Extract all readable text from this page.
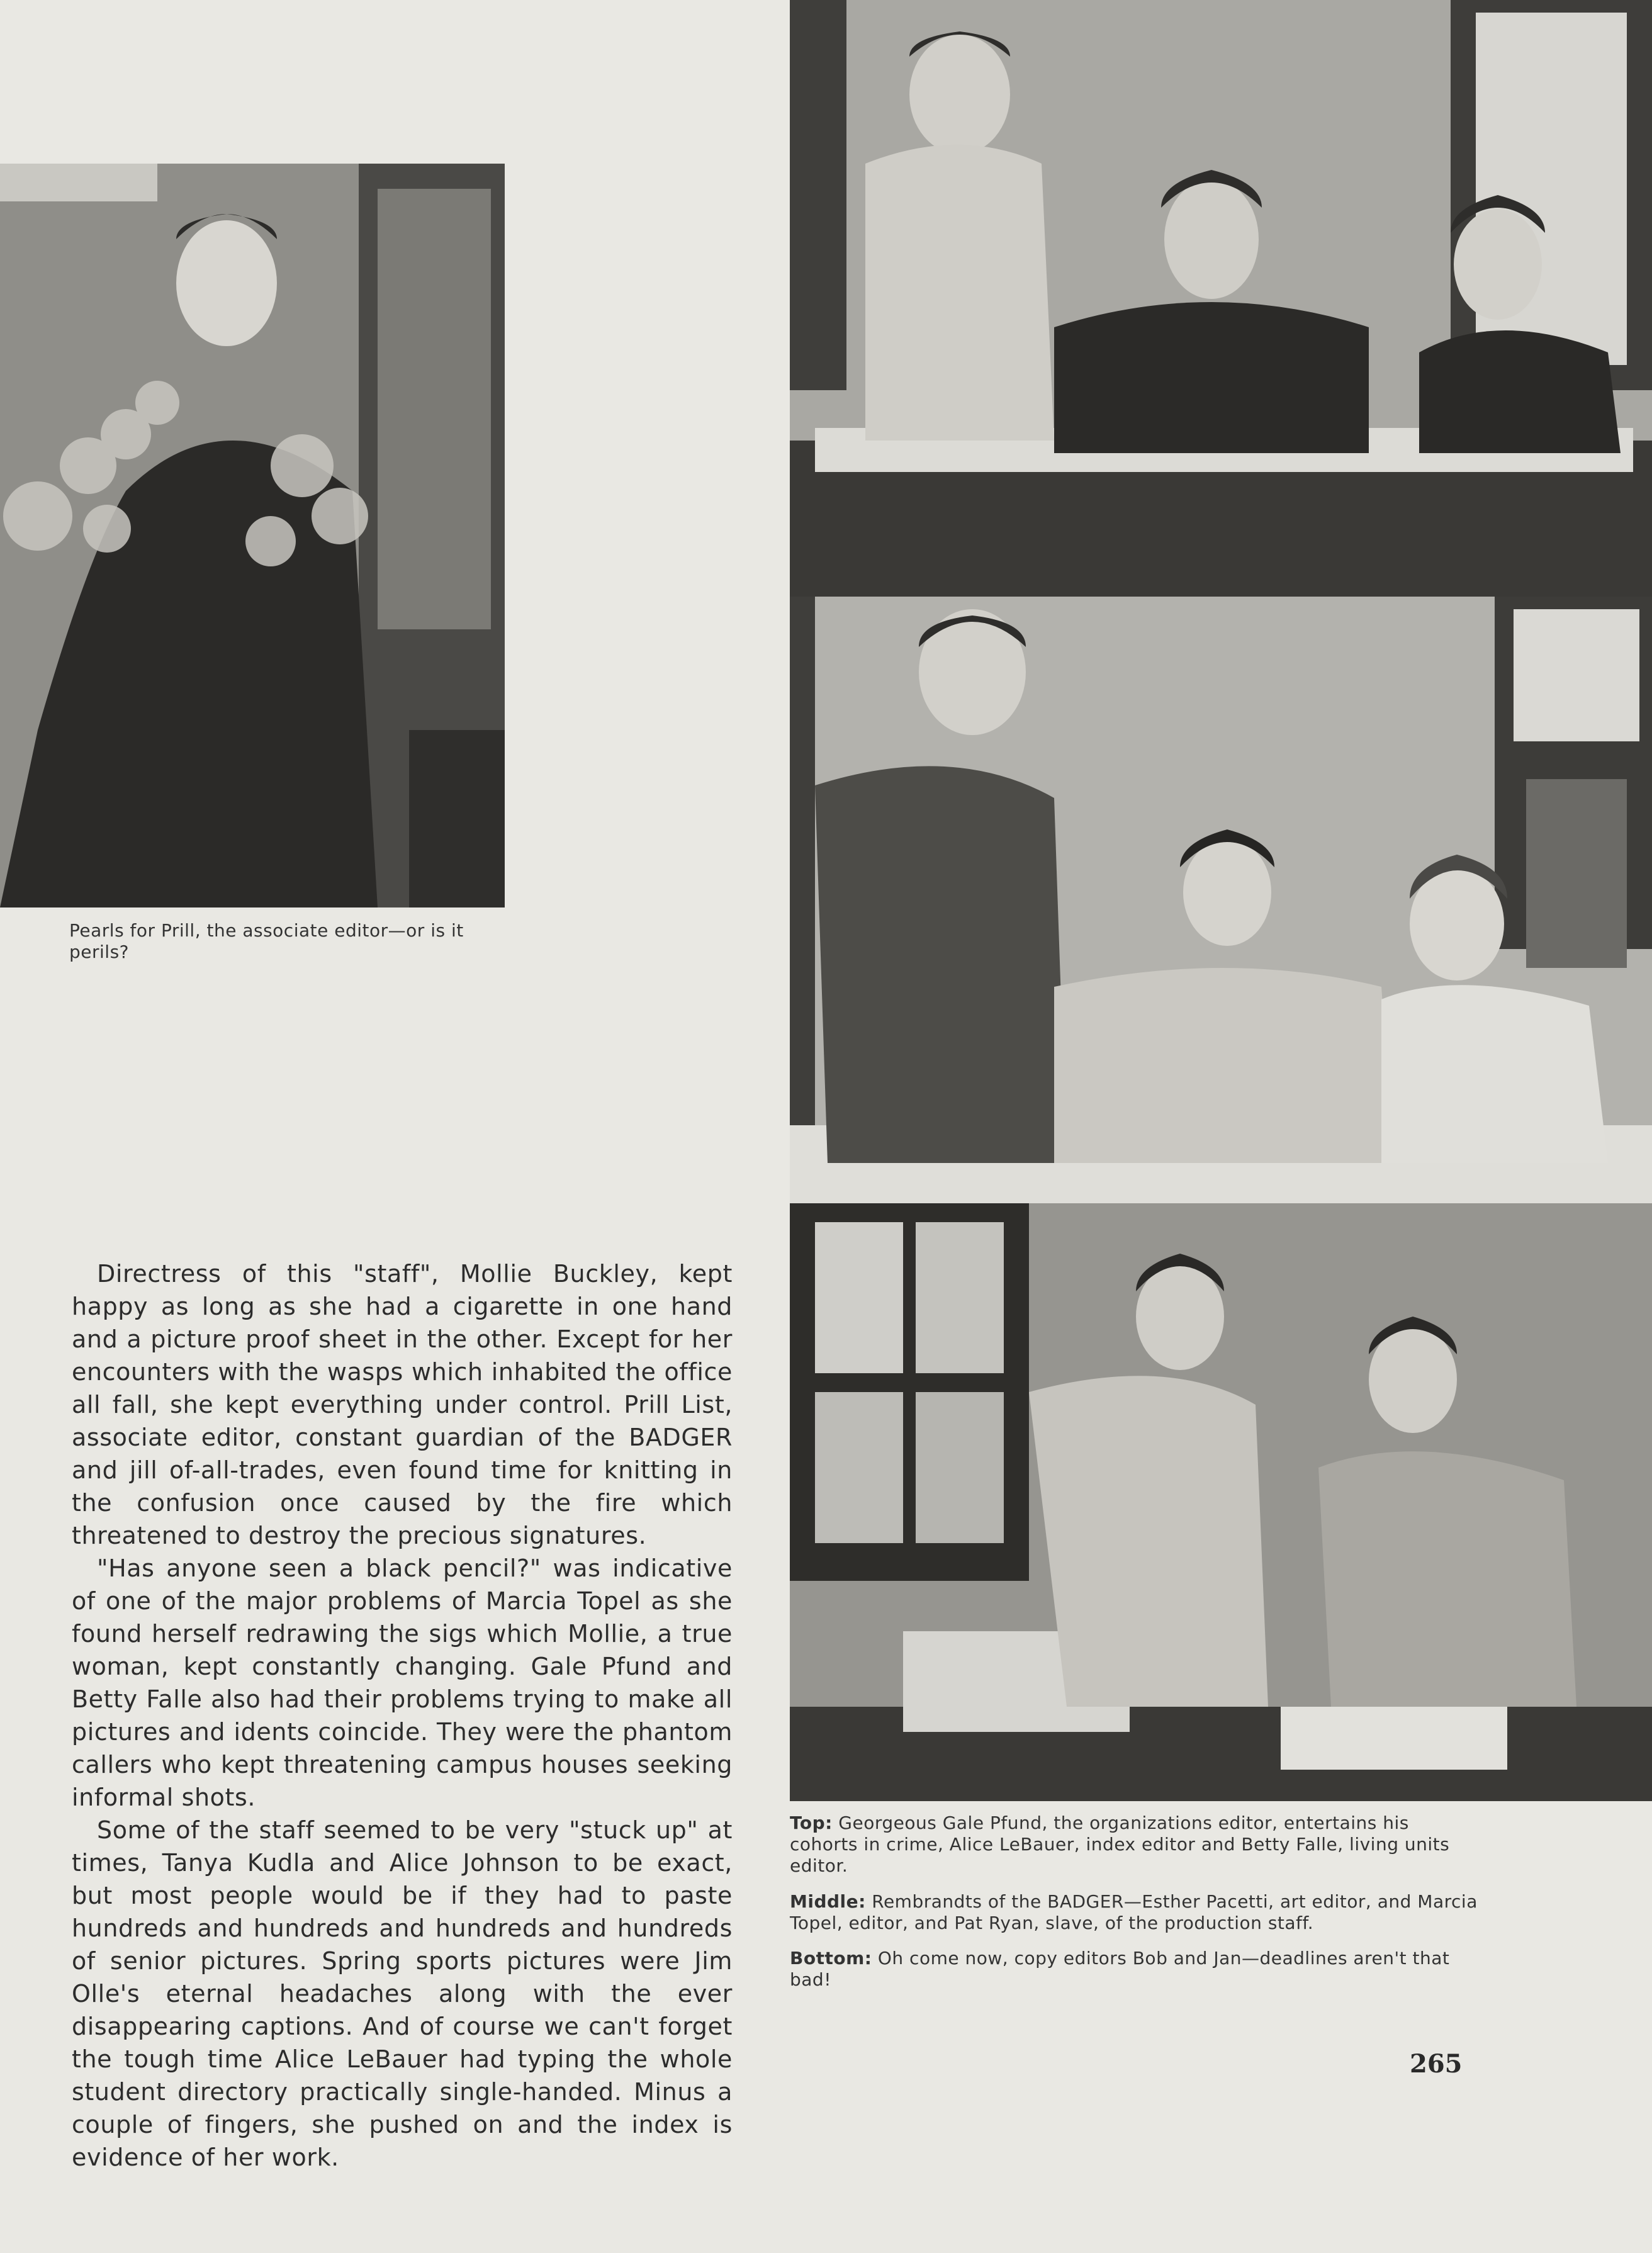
Pearls for Prill, the associate editor—or is it perils?
Top: Georgeous Gale Pfund, the organizations editor, entertains his cohorts in crime, Alice LeBauer, index editor and Betty Falle, living units editor.
Middle: Rembrandts of the BADGER—Esther Pacetti, art editor, and Marcia Topel, editor, and Pat Ryan, slave, of the production staff.
Bottom: Oh come now, copy editors Bob and Jan—deadlines aren't that bad!

Directress of this "staff", Mollie Buckley, kept happy as long as she had a cigarette in one hand and a picture proof sheet in the other. Except for her encounters with the wasps which inhabited the office all fall, she kept everything under control. Prill List, associate editor, constant guardian of the BADGER and jill of-all-trades, even found time for knitting in the confusion once caused by the fire which threatened to destroy the precious signatures.

"Has anyone seen a black pencil?" was indicative of one of the major problems of Marcia Topel as she found herself redrawing the sigs which Mollie, a true woman, kept constantly changing. Gale Pfund and Betty Falle also had their problems trying to make all pictures and idents coincide. They were the phantom callers who kept threatening campus houses seeking informal shots.

Some of the staff seemed to be very "stuck up" at times, Tanya Kudla and Alice Johnson to be exact, but most people would be if they had to paste hundreds and hundreds and hundreds and hundreds of senior pictures. Spring sports pictures were Jim Olle's eternal headaches along with the ever disappearing captions. And of course we can't forget the tough time Alice LeBauer had typing the whole student directory practically single-handed. Minus a couple of fingers, she pushed on and the index is evidence of her work.

265
